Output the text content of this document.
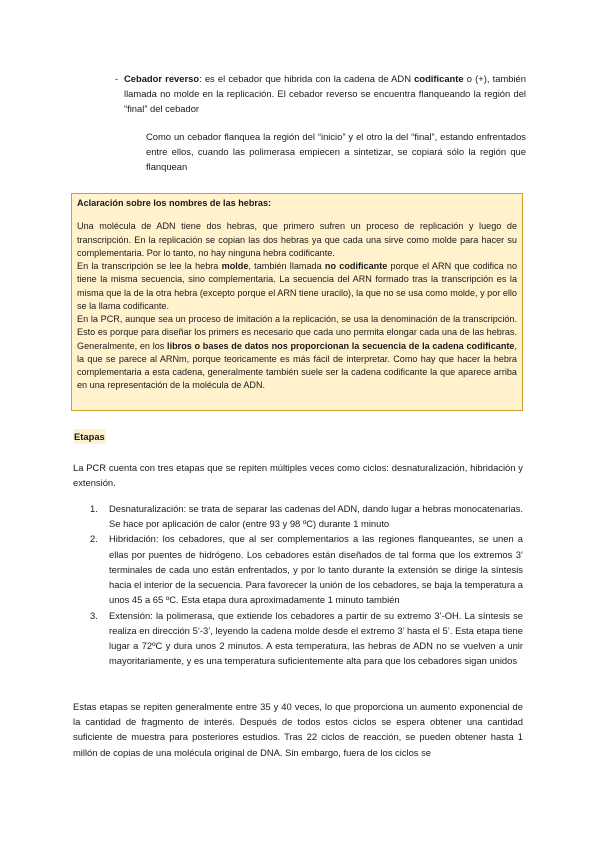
- Cebador reverso: es el cebador que hibrida con la cadena de ADN codificante o (+), también llamada no molde en la replicación. El cebador reverso se encuentra flanqueando la región del “final” del cebador

Como un cebador flanquea la región del “inicio” y el otro la del “final”, estando enfrentados entre ellos, cuando las polimerasa empiecen a sintetizar, se copiará sólo la región que flanquean

Aclaración sobre los nombres de las hebras:

Una molécula de ADN tiene dos hebras, que primero sufren un proceso de replicación y luego de transcripción. En la replicación se copian las dos hebras ya que cada una sirve como molde para hacer su complementaria. Por lo tanto, no hay ninguna hebra codificante.

En la transcripción se lee la hebra molde, también llamada no codificante porque el ARN que codifica no tiene la misma secuencia, sino complementaria. La secuencia del ARN formado tras la transcripción es la misma que la de la otra hebra (excepto porque el ARN tiene uracilo), la que no se usa como molde, y por ello se la llama codificante.

En la PCR, aunque sea un proceso de imitación a la replicación, se usa la denominación de la transcripción. Esto es porque para diseñar los primers es necesario que cada uno permita elongar cada una de las hebras. Generalmente, en los libros o bases de datos nos proporcionan la secuencia de la cadena codificante, la que se parece al ARNm, porque teoricamente es más fácil de interpretar. Como hay que hacer la hebra complementaria a esta cadena, generalmente también suele ser la cadena codificante la que aparece arriba en una representación de la molécula de ADN.

Etapas

La PCR cuenta con tres etapas que se repiten múltiples veces como ciclos: desnaturalización, hibridación y extensión.

1. Desnaturalización: se trata de separar las cadenas del ADN, dando lugar a hebras monocatenarias. Se hace por aplicación de calor (entre 93 y 98 ºC) durante 1 minuto
2. Hibridación: los cebadores, que al ser complementarios a las regiones flanqueantes, se unen a ellas por puentes de hidrógeno. Los cebadores están diseñados de tal forma que los extremos 3’ terminales de cada uno están enfrentados, y por lo tanto durante la extensión se dirige la síntesis hacia el interior de la secuencia. Para favorecer la unión de los cebadores, se baja la temperatura a unos 45 a 65 ºC. Esta etapa dura aproximadamente 1 minuto también
3. Extensión: la polimerasa, que extiende los cebadores a partir de su extremo 3’-OH. La síntesis se realiza en dirección 5’-3’, leyendo la cadena molde desde el extremo 3’ hasta el 5’. Esta etapa tiene lugar a 72ºC y dura unos 2 minutos. A esta temperatura, las hebras de ADN no se vuelven a unir mayoritariamente, y es una temperatura suficientemente alta para que los cebadores sigan unidos

Estas etapas se repiten generalmente entre 35 y 40 veces, lo que proporciona un aumento exponencial de la cantidad de fragmento de interés. Después de todos estos ciclos se espera obtener una cantidad suficiente de muestra para posteriores estudios. Tras 22 ciclos de reacción, se pueden obtener hasta 1 millón de copias de una molécula original de DNA. Sin embargo, fuera de los ciclos se
